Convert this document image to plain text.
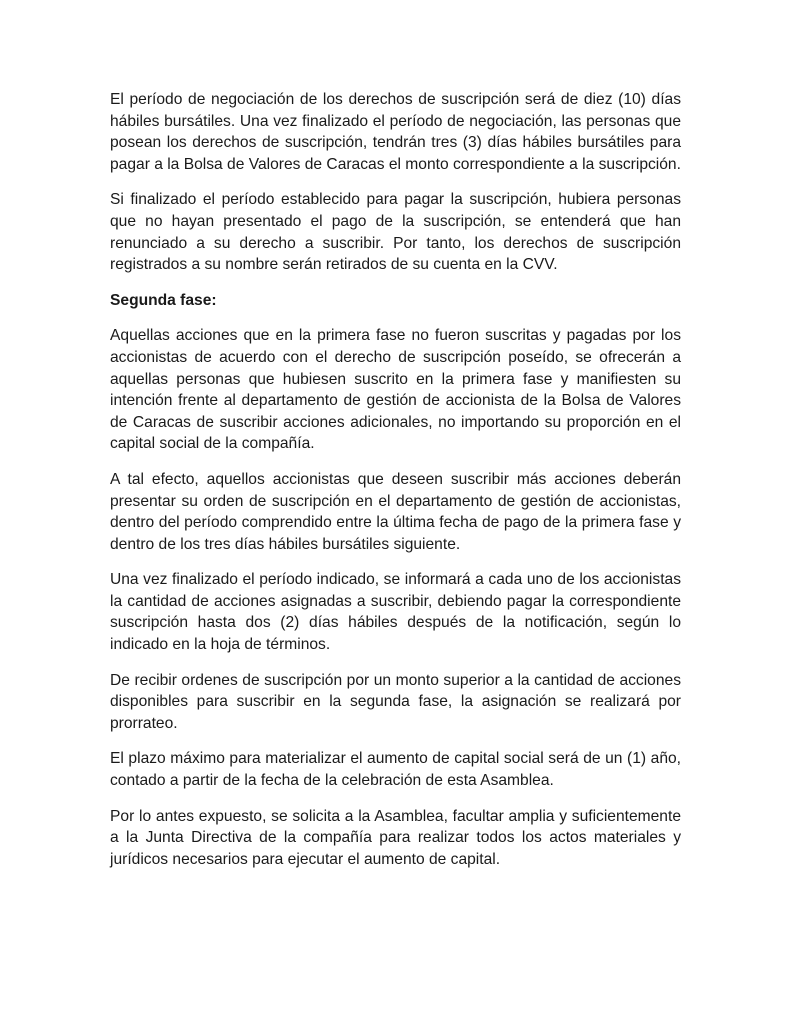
El período de negociación de los derechos de suscripción será de diez (10) días hábiles bursátiles. Una vez finalizado el período de negociación, las personas que posean los derechos de suscripción, tendrán tres (3) días hábiles bursátiles para pagar a la Bolsa de Valores de Caracas el monto correspondiente a la suscripción.

Si finalizado el período establecido para pagar la suscripción, hubiera personas que no hayan presentado el pago de la suscripción, se entenderá que han renunciado a su derecho a suscribir. Por tanto, los derechos de suscripción registrados a su nombre serán retirados de su cuenta en la CVV.

Segunda fase:

Aquellas acciones que en la primera fase no fueron suscritas y pagadas por los accionistas de acuerdo con el derecho de suscripción poseído, se ofrecerán a aquellas personas que hubiesen suscrito en la primera fase y manifiesten su intención frente al departamento de gestión de accionista de la Bolsa de Valores de Caracas de suscribir acciones adicionales, no importando su proporción en el capital social de la compañía.

A tal efecto, aquellos accionistas que deseen suscribir más acciones deberán presentar su orden de suscripción en el departamento de gestión de accionistas, dentro del período comprendido entre la última fecha de pago de la primera fase y dentro de los tres días hábiles bursátiles siguiente.

Una vez finalizado el período indicado, se informará a cada uno de los accionistas la cantidad de acciones asignadas a suscribir, debiendo pagar la correspondiente suscripción hasta dos (2) días hábiles después de la notificación, según lo indicado en la hoja de términos.

De recibir ordenes de suscripción por un monto superior a la cantidad de acciones disponibles para suscribir en la segunda fase, la asignación se realizará por prorrateo.

El plazo máximo para materializar el aumento de capital social será de un (1) año, contado a partir de la fecha de la celebración de esta Asamblea.

Por lo antes expuesto, se solicita a la Asamblea, facultar amplia y suficientemente a la Junta Directiva de la compañía para realizar todos los actos materiales y jurídicos necesarios para ejecutar el aumento de capital.
